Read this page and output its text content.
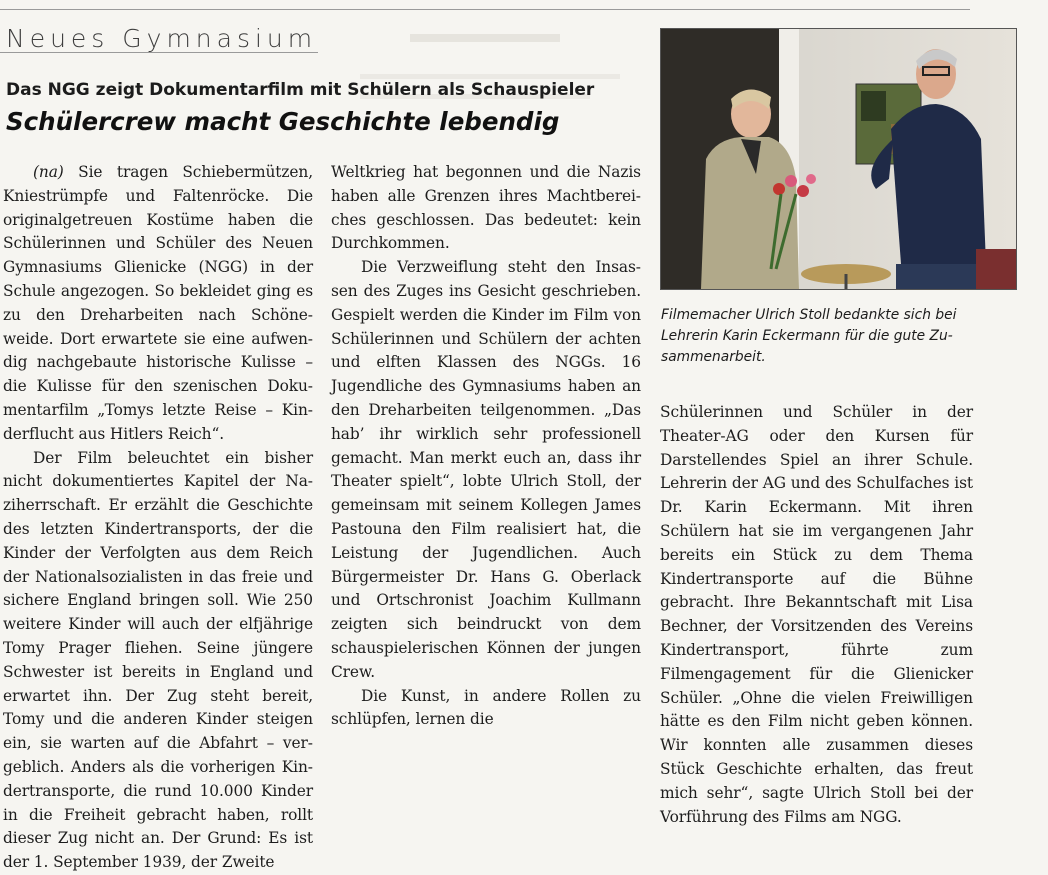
Neues Gymnasium
Das NGG zeigt Dokumentarfilm mit Schülern als Schauspieler
Schülercrew macht Geschichte lebendig

(na) Sie tragen Schiebermützen, Kniestrümpfe und Faltenröcke. Die originalgetreuen Kostüme haben die Schülerinnen und Schüler des Neuen Gymnasiums Glienicke (NGG) in der Schule angezogen. So bekleidet ging es zu den Dreharbeiten nach Schöneweide. Dort erwartete sie eine aufwendig nachgebaute historische Kulisse – die Kulisse für den szenischen Dokumentarfilm „Tomys letzte Reise – Kinderflucht aus Hitlers Reich“.

Der Film beleuchtet ein bisher nicht dokumentiertes Kapitel der Naziherrschaft. Er erzählt die Geschichte des letzten Kindertransports, der die Kinder der Verfolgten aus dem Reich der Nationalsozialisten in das freie und sichere England bringen soll. Wie 250 weitere Kinder will auch der elfjährige Tomy Prager fliehen. Seine jüngere Schwester ist bereits in England und erwartet ihn. Der Zug steht bereit, Tomy und die anderen Kinder steigen ein, sie warten auf die Abfahrt – vergeblich. Anders als die vorherigen Kindertransporte, die rund 10.000 Kinder in die Freiheit gebracht haben, rollt dieser Zug nicht an. Der Grund: Es ist der 1. September 1939, der Zweite

Weltkrieg hat begonnen und die Nazis haben alle Grenzen ihres Machtbereiches geschlossen. Das bedeutet: kein Durchkommen.

Die Verzweiflung steht den Insassen des Zuges ins Gesicht geschrieben. Gespielt werden die Kinder im Film von Schülerinnen und Schülern der achten und elften Klassen des NGGs. 16 Jugendliche des Gymnasiums haben an den Dreharbeiten teilgenommen. „Das hab’ ihr wirklich sehr professionell gemacht. Man merkt euch an, dass ihr Theater spielt“, lobte Ulrich Stoll, der gemeinsam mit seinem Kollegen James Pastouna den Film realisiert hat, die Leistung der Jugendlichen. Auch Bürgermeister Dr. Hans G. Oberlack und Ortschronist Joachim Kullmann zeigten sich beindruckt von dem schauspielerischen Können der jungen Crew.

Die Kunst, in andere Rollen zu schlüpfen, lernen die

Filmemacher Ulrich Stoll bedankte sich bei Lehrerin Karin Eckermann für die gute Zusammenarbeit.

Schülerinnen und Schüler in der Theater-AG oder den Kursen für Darstellendes Spiel an ihrer Schule. Lehrerin der AG und des Schulfaches ist Dr. Karin Eckermann. Mit ihren Schülern hat sie im vergangenen Jahr bereits ein Stück zu dem Thema Kindertransporte auf die Bühne gebracht. Ihre Bekanntschaft mit Lisa Bechner, der Vorsitzenden des Vereins Kindertransport, führte zum Filmengagement für die Glienicker Schüler. „Ohne die vielen Freiwilligen hätte es den Film nicht geben können. Wir konnten alle zusammen dieses Stück Geschichte erhalten, das freut mich sehr“, sagte Ulrich Stoll bei der Vorführung des Films am NGG.
